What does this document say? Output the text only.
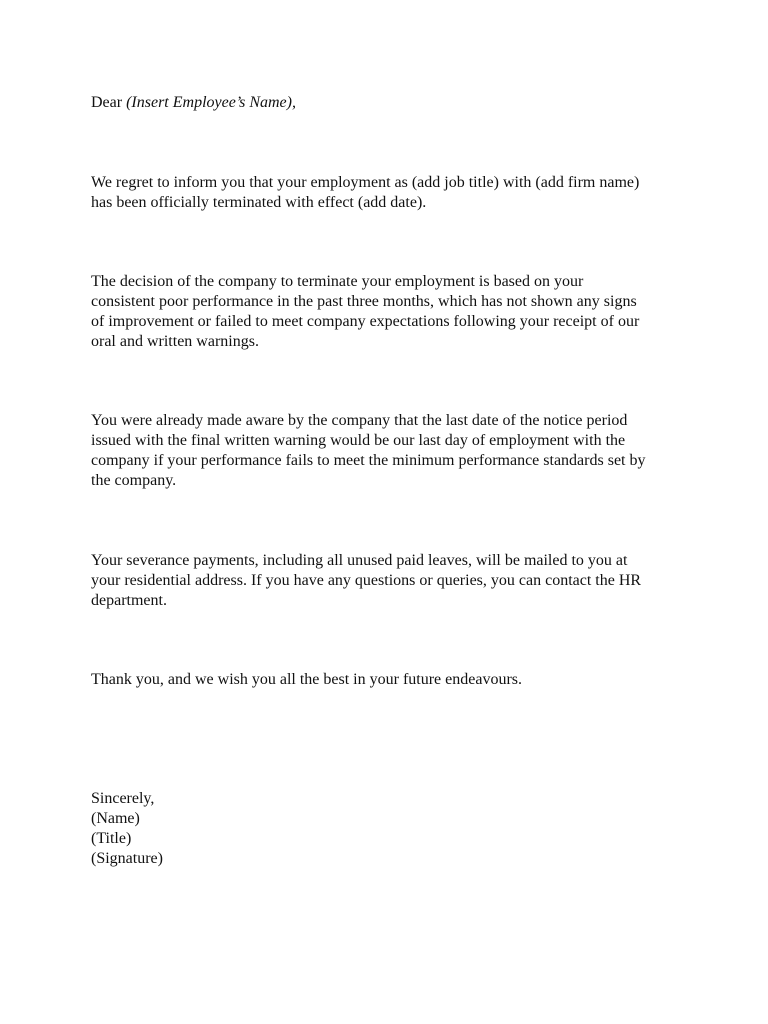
Dear (Insert Employee’s Name),

We regret to inform you that your employment as (add job title) with (add firm name)
has been officially terminated with effect (add date).

The decision of the company to terminate your employment is based on your
consistent poor performance in the past three months, which has not shown any signs
of improvement or failed to meet company expectations following your receipt of our
oral and written warnings.

You were already made aware by the company that the last date of the notice period
issued with the final written warning would be our last day of employment with the
company if your performance fails to meet the minimum performance standards set by
the company.

Your severance payments, including all unused paid leaves, will be mailed to you at
your residential address. If you have any questions or queries, you can contact the HR
department.

Thank you, and we wish you all the best in your future endeavours.

Sincerely,
(Name)
(Title)
(Signature)
